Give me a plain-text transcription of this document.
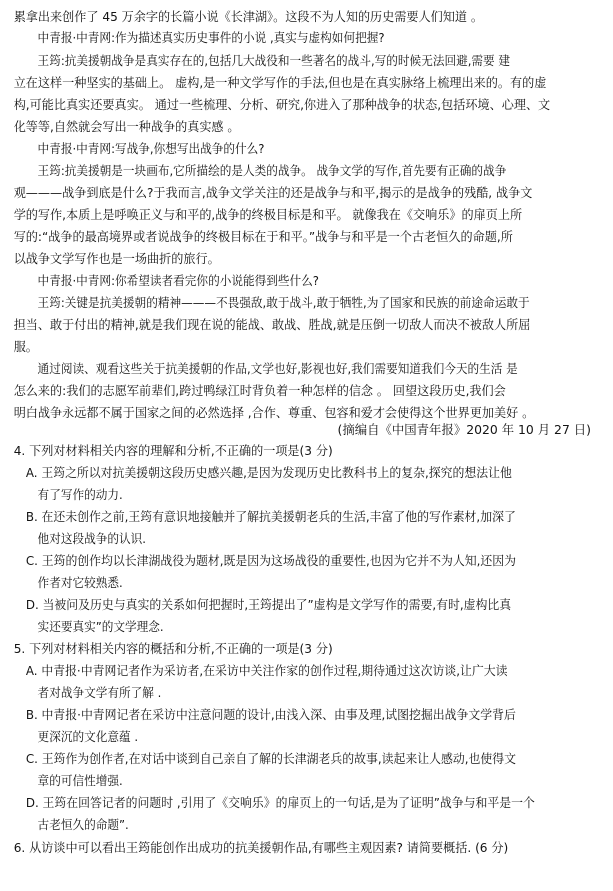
累拿出来创作了 45 万余字的长篇小说《长津湖》。这段不为人知的历史需要人们知道 。
中青报·中青网:作为描述真实历史事件的小说 ,真实与虚构如何把握?
王筠:抗美援朝战争是真实存在的,包括几大战役和一些著名的战斗,写的时候无法回避,需要 建
立在这样一种坚实的基础上。 虚构,是一种文学写作的手法,但也是在真实脉络上梳理出来的。有的虚
构,可能比真实还要真实。 通过一些梳理、分析、研究,你进入了那种战争的状态,包括环境、心理、文
化等等,自然就会写出一种战争的真实感 。
中青报·中青网:写战争,你想写出战争的什么?
王筠:抗美援朝是一块画布,它所描绘的是人类的战争。 战争文学的写作,首先要有正确的战争
观———战争到底是什么?于我而言,战争文学关注的还是战争与和平,揭示的是战争的残酷, 战争文
学的写作,本质上是呼唤正义与和平的,战争的终极目标是和平。 就像我在《交响乐》的扉页上所
写的:“战争的最高境界或者说战争的终极目标在于和平。”战争与和平是一个古老恒久的命题,所
以战争文学写作也是一场曲折的旅行。
中青报·中青网:你希望读者看完你的小说能得到些什么?
王筠:关键是抗美援朝的精神———不畏强敌,敢于战斗,敢于牺牲,为了国家和民族的前途命运敢于
担当、敢于付出的精神,就是我们现在说的能战、敢战、胜战,就是压倒一切敌人而决不被敌人所屈
服。
通过阅读、观看这些关于抗美援朝的作品,文学也好,影视也好,我们需要知道我们今天的生活 是
怎么来的:我们的志愿军前辈们,跨过鸭绿江时背负着一种怎样的信念 。 回望这段历史,我们会
明白战争永远都不属于国家之间的必然选择 ,合作、尊重、包容和爱才会使得这个世界更加美好 。
(摘编自《中国青年报》2020 年 10 月 27 日)
4. 下列对材料相关内容的理解和分析,不正确的一项是(3 分)
A. 王筠之所以对抗美援朝这段历史感兴趣,是因为发现历史比教科书上的复杂,探究的想法让他
有了写作的动力.
B. 在还未创作之前,王筠有意识地接触并了解抗美援朝老兵的生活,丰富了他的写作素材,加深了
他对这段战争的认识.
C. 王筠的创作均以长津湖战役为题材,既是因为这场战役的重要性,也因为它并不为人知,还因为
作者对它较熟悉.
D. 当被问及历史与真实的关系如何把握时,王筠提出了”虚构是文学写作的需要,有时,虚构比真
实还要真实”的文学理念.
5. 下列对材料相关内容的概括和分析,不正确的一项是(3 分)
A. 中青报·中青网记者作为采访者,在采访中关注作家的创作过程,期待通过这次访谈,让广大读
者对战争文学有所了解 .
B. 中青报·中青网记者在采访中注意问题的设计,由浅入深、由事及理,试图挖掘出战争文学背后
更深沉的文化意蕴 .
C. 王筠作为创作者,在对话中谈到自己亲自了解的长津湖老兵的故事,读起来让人感动,也使得文
章的可信性增强.
D. 王筠在回答记者的问题时 ,引用了《交响乐》的扉页上的一句话,是为了证明”战争与和平是一个
古老恒久的命题”.
6. 从访谈中可以看出王筠能创作出成功的抗美援朝作品,有哪些主观因素? 请简要概括. (6 分)
